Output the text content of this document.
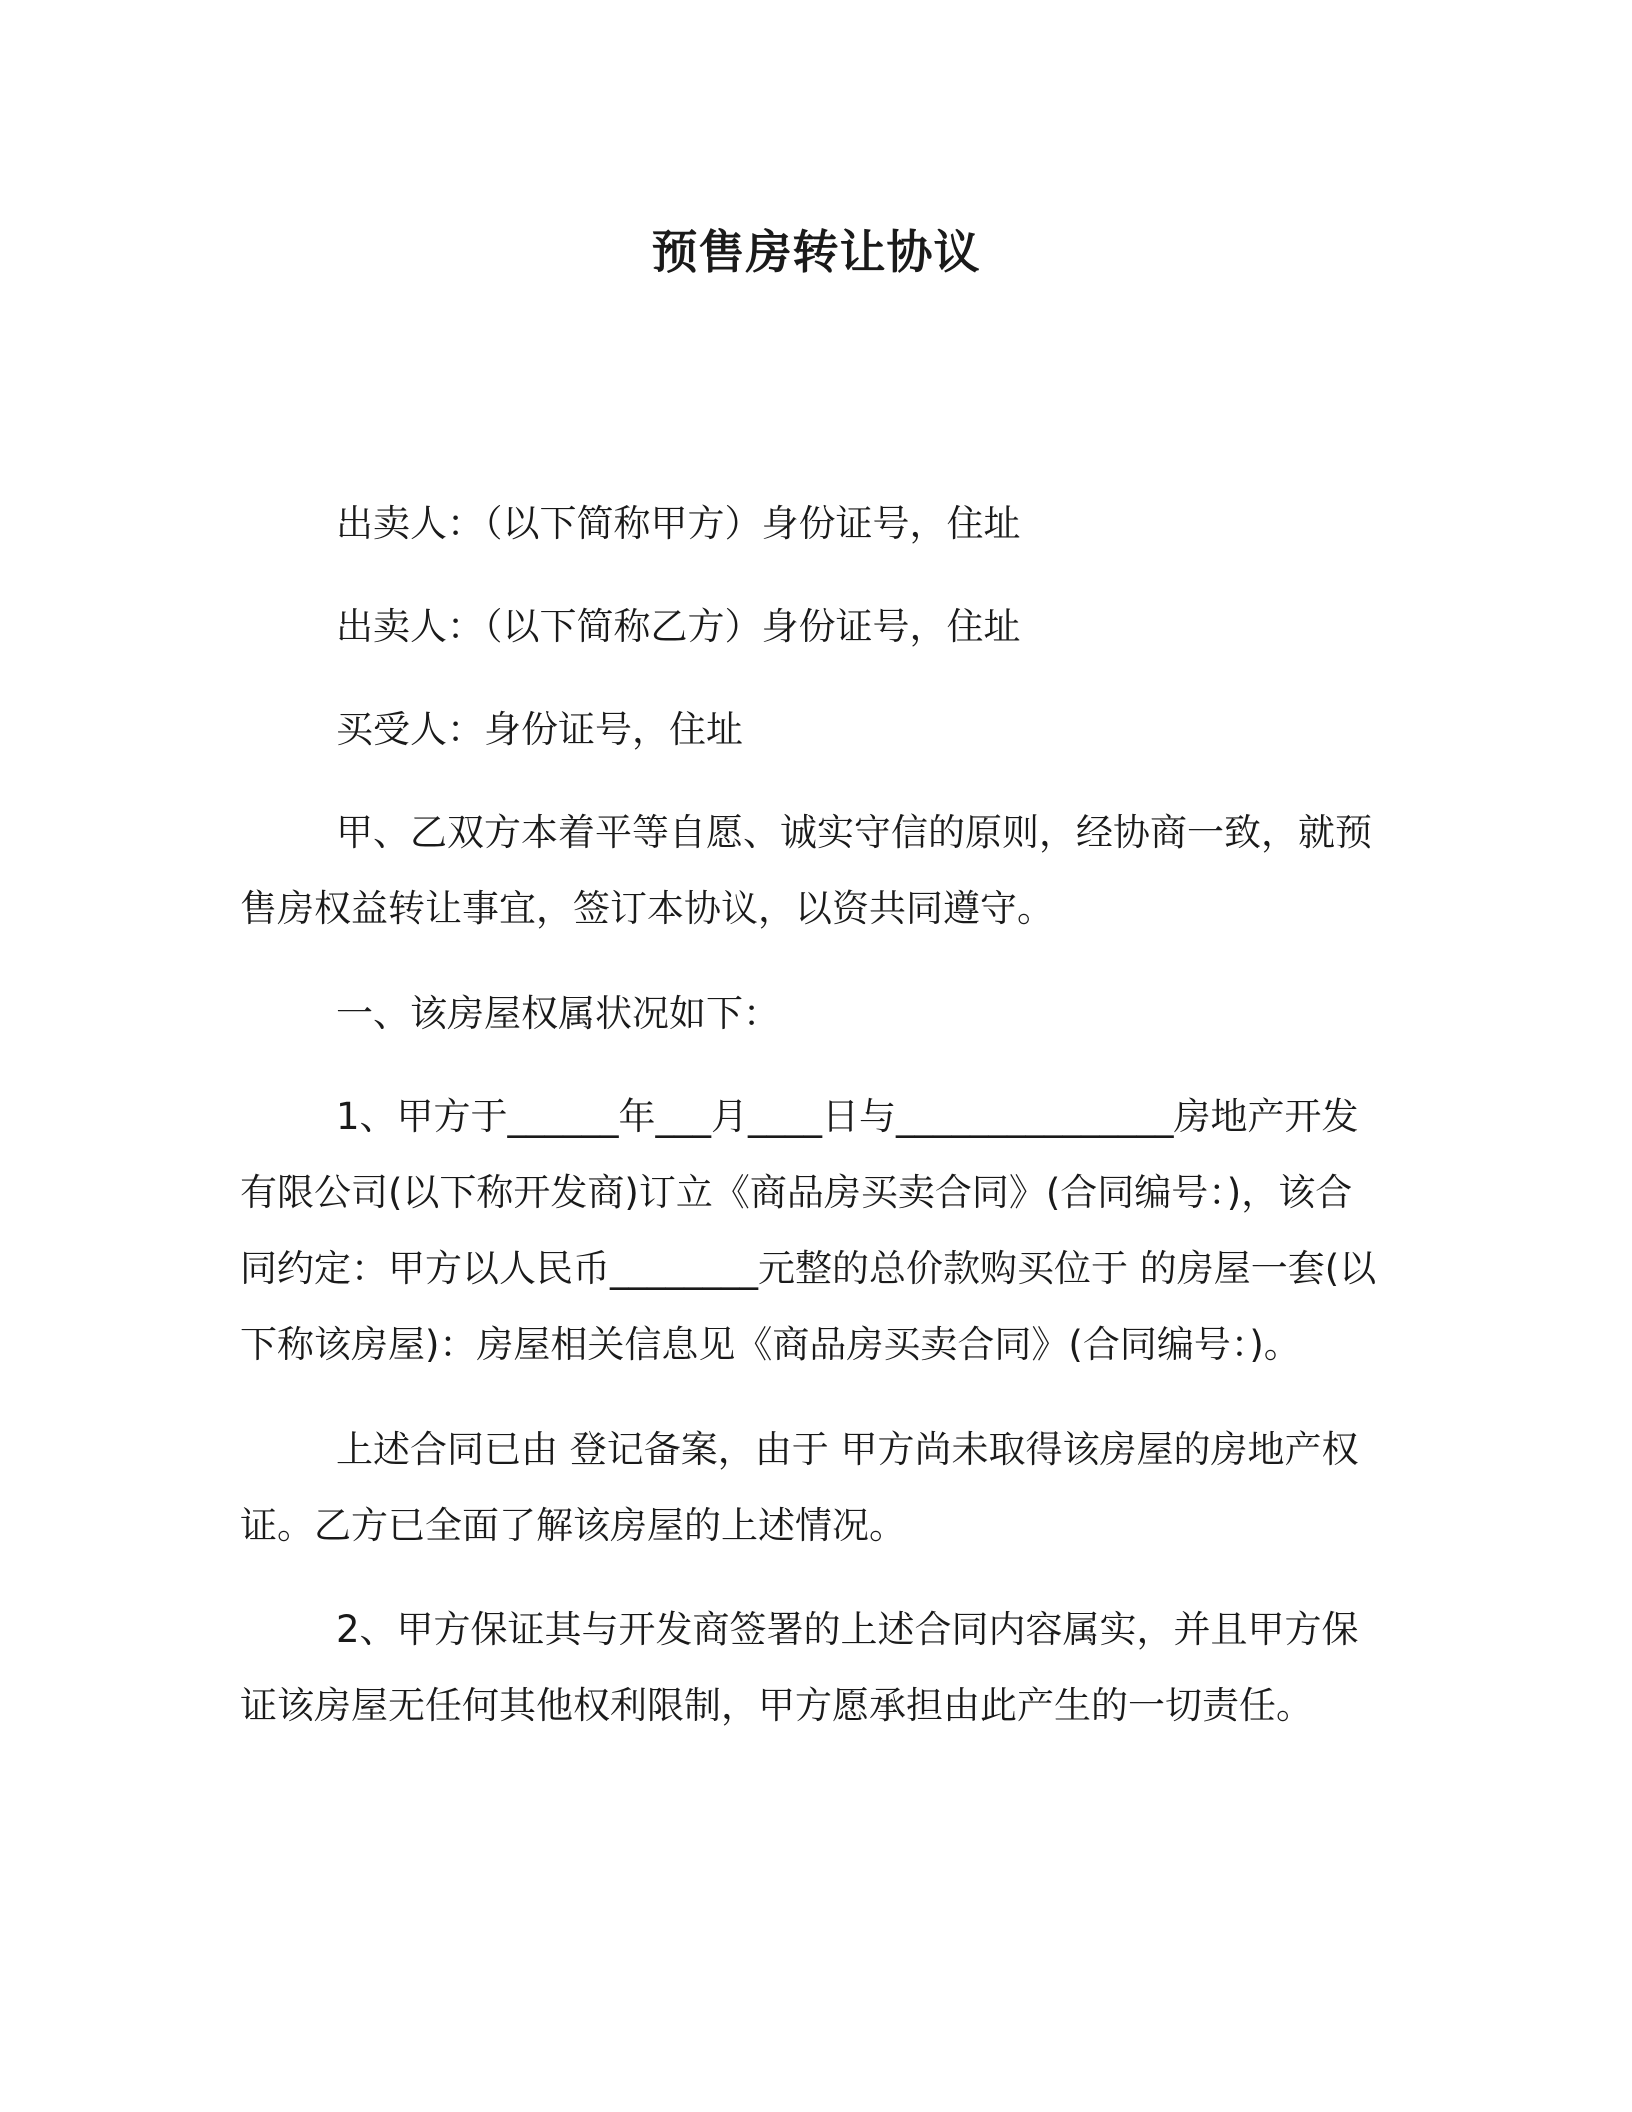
预售房转让协议

出卖人：（以下简称甲方）身份证号，住址

出卖人：（以下简称乙方）身份证号，住址

买受人：身份证号，住址

甲、乙双方本着平等自愿、诚实守信的原则，经协商一致，就预售房权益转让事宜，签订本协议，以资共同遵守。

一、该房屋权属状况如下：

1、甲方于______年___月____日与_______________房地产开发有限公司(以下称开发商)订立《商品房买卖合同》(合同编号：)，该合同约定：甲方以人民币________元整的总价款购买位于 的房屋一套(以下称该房屋)：房屋相关信息见《商品房买卖合同》(合同编号：)。

上述合同已由 登记备案，由于 甲方尚未取得该房屋的房地产权证。乙方已全面了解该房屋的上述情况。

2、甲方保证其与开发商签署的上述合同内容属实，并且甲方保证该房屋无任何其他权利限制，甲方愿承担由此产生的一切责任。
